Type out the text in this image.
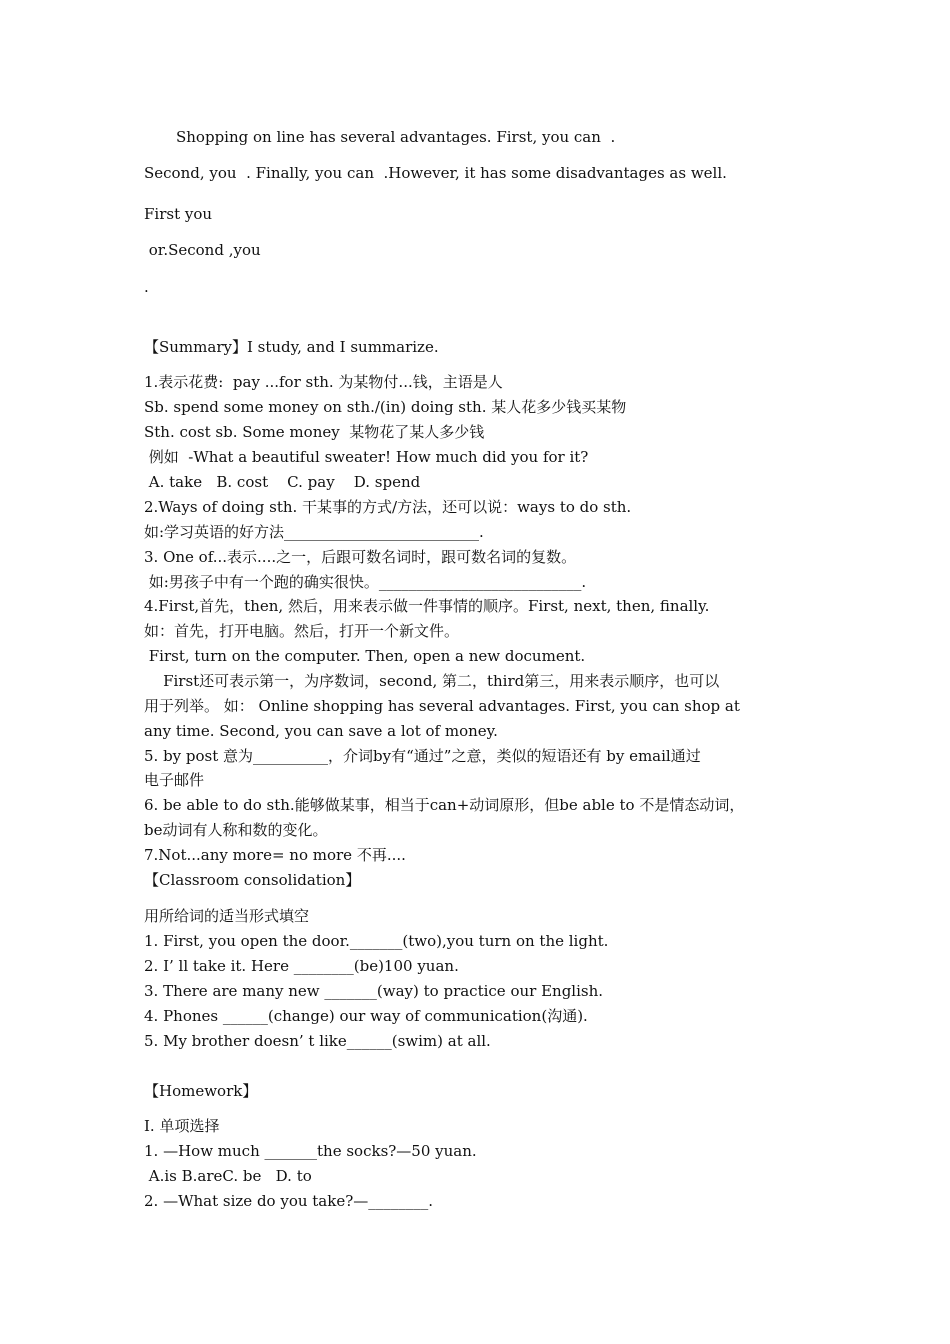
Shopping on line has several advantages. First, you can  .
Second, you  . Finally, you can  .However, it has some disadvantages as well.
First you
or.Second ,you
.
【Summary】I study, and I summarize.
1.表示花费:  pay ...for sth. 为某物付...钱，主语是人
Sb. spend some money on sth./(in) doing sth. 某人花多少钱买某物
Sth. cost sb. Some money  某物花了某人多少钱
例如  -What a beautiful sweater! How much did you for it?
A. take   B. cost    C. pay    D. spend
2.Ways of doing sth. 干某事的方式/方法，还可以说：ways to do sth.
如:学习英语的好方法__________________________.
3. One of...表示....之一，后跟可数名词时，跟可数名词的复数。
如:男孩子中有一个跑的确实很快。___________________________.
4.First,首先，then, 然后，用来表示做一件事情的顺序。First, next, then, finally.
如：首先，打开电脑。然后，打开一个新文件。
First, turn on the computer. Then, open a new document.
First还可表示第一，为序数词，second, 第二，third第三，用来表示顺序，也可以
用于列举。 如： Online shopping has several advantages. First, you can shop at
any time. Second, you can save a lot of money.
5. by post 意为__________，介词by有“通过”之意，类似的短语还有 by email通过
电子邮件
6. be able to do sth.能够做某事，相当于can+动词原形，但be able to 不是情态动词，
be动词有人称和数的变化。
7.Not...any more= no more 不再....
【Classroom consolidation】
用所给词的适当形式填空
1. First, you open the door._______(two),you turn on the light.
2. I’ ll take it. Here ________(be)100 yuan.
3. There are many new _______(way) to practice our English.
4. Phones ______(change) our way of communication(沟通).
5. My brother doesn’ t like______(swim) at all.
【Homework】
I. 单项选择
1. —How much _______the socks?—50 yuan.
A.is B.areC. be   D. to
2. —What size do you take?—________.
